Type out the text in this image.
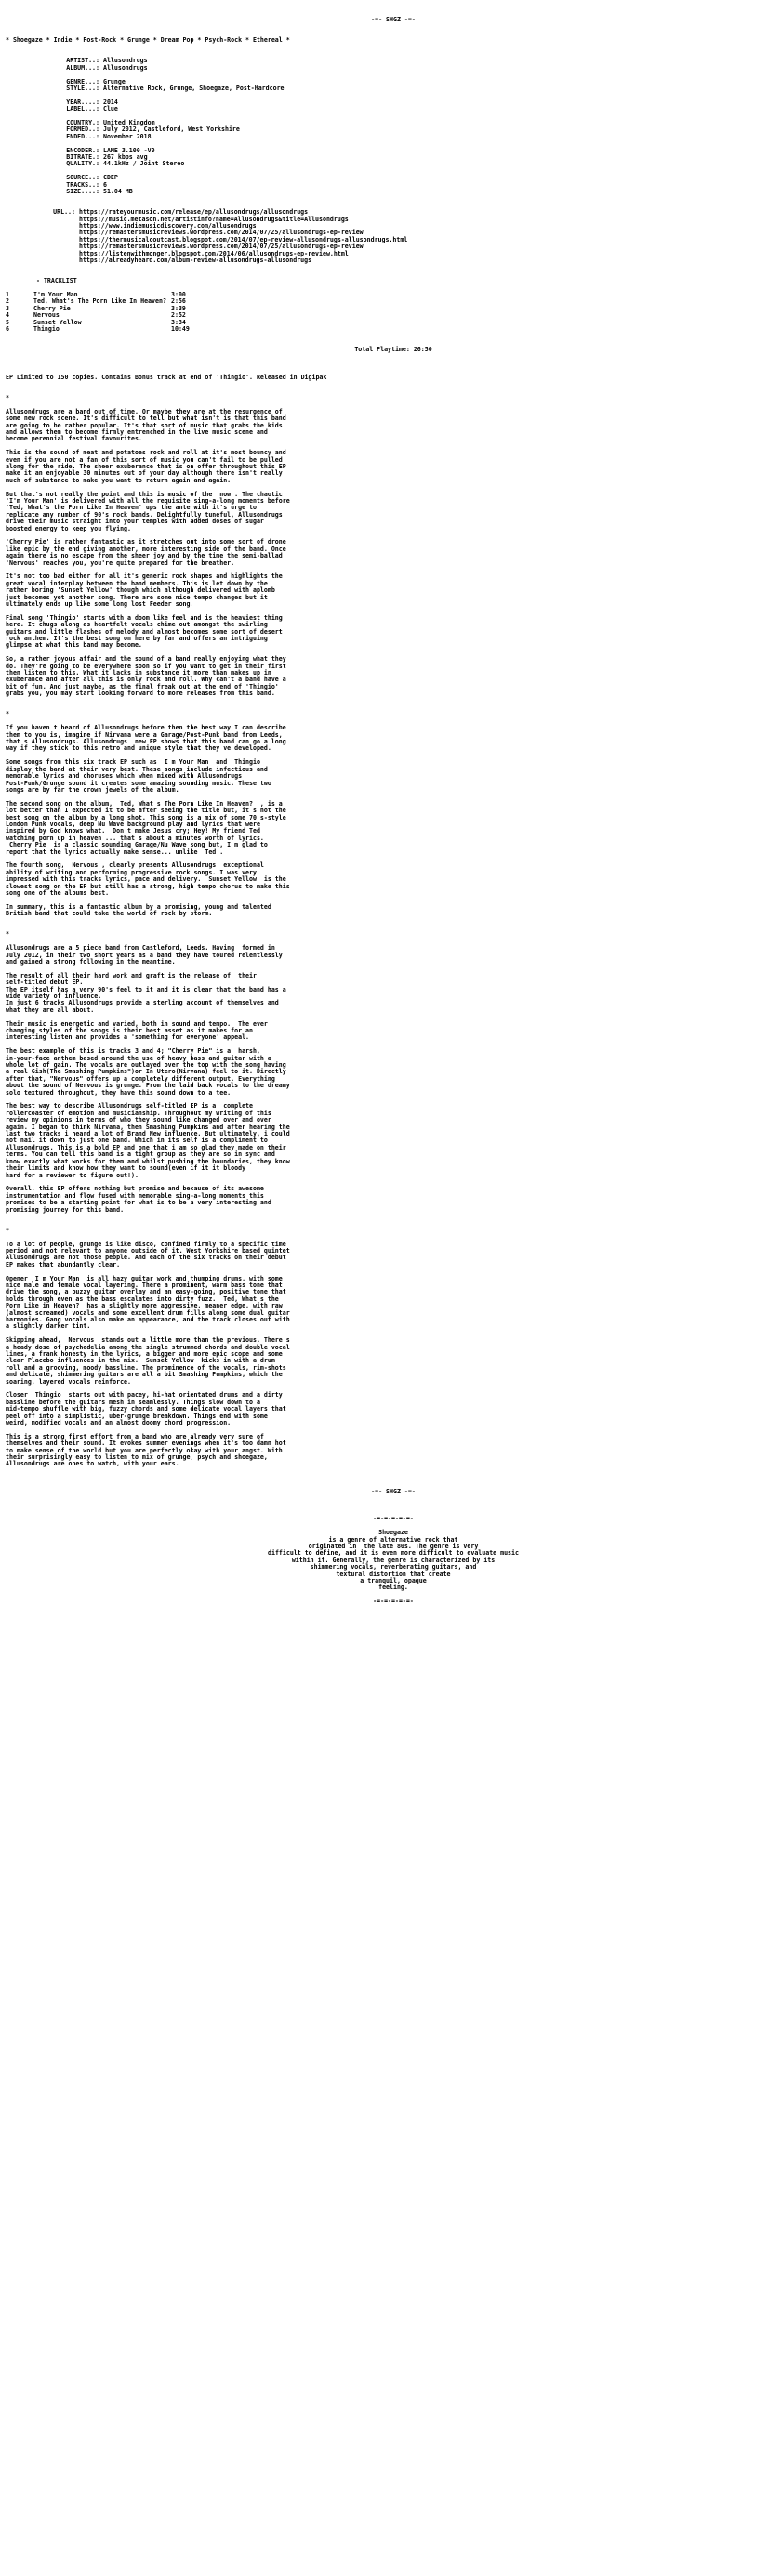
-=- SHGZ -=-
* Shoegaze * Indie * Post-Rock * Grunge * Dream Pop * Psych-Rock * Ethereal *
ARTIST..: Allusondrugs
ALBUM...: Allusondrugs
GENRE...: Grunge
STYLE...: Alternative Rock, Grunge, Shoegaze, Post-Hardcore
YEAR....: 2014
LABEL...: Clue
COUNTRY.: United Kingdom
FORMED..: July 2012, Castleford, West Yorkshire
ENDED...: November 2018
ENCODER.: LAME 3.100 -V0
BITRATE.: 267 kbps avg
QUALITY.: 44.1kHz / Joint Stereo
SOURCE..: CDEP
TRACKS..: 6
SIZE....: 51.04 MB
URL..: https://rateyourmusic.com/release/ep/allusondrugs/allusondrugs
https://music.metason.net/artistinfo?name=Allusondrugs&title=Allusondrugs
https://www.indiemusicdiscovery.com/allusondrugs
https://remastersmusicreviews.wordpress.com/2014/07/25/allusondrugs-ep-review
https://thermusicalcoutcast.blogspot.com/2014/07/ep-review-allusondrugs-allusondrugs.html
https://remastersmusicreviews.wordpress.com/2014/07/25/allusondrugs-ep-review
https://listenwithmonger.blogspot.com/2014/06/allusondrugs-ep-review.html
https://alreadyheard.com/album-review-allusondrugs-allusondrugs
- TRACKLIST
1	I'm Your Man	3:00
2	Ted, What's The Porn Like In Heaven? 2:56
3	Cherry Pie	3:39
4	Nervous	2:52
5	Sunset Yellow	3:34
6	Thingio	10:49
Total Playtime: 26:50
EP Limited to 150 copies. Contains Bonus track at end of 'Thingio'. Released in Digipak
*
Allusondrugs are a band out of time. Or maybe they are at the resurgence of
some new rock scene. It's difficult to tell but what isn't is that this band
are going to be rather popular. It's that sort of music that grabs the kids
and allows them to become firmly entrenched in the live music scene and
become perennial festival favourites.
This is the sound of meat and potatoes rock and roll at it's most bouncy and
even if you are not a fan of this sort of music you can't fail to be pulled
along for the ride. The sheer exuberance that is on offer throughout this EP
make it an enjoyable 30 minutes out of your day although there isn't really
much of substance to make you want to return again and again.
But that's not really the point and this is music of the  now . The chaotic
'I'm Your Man' is delivered with all the requisite sing-a-long moments before
'Ted, What's the Porn Like In Heaven' ups the ante with it's urge to
replicate any number of 90's rock bands. Delightfully tuneful, Allusondrugs
drive their music straight into your temples with added doses of sugar
boosted energy to keep you flying.
'Cherry Pie' is rather fantastic as it stretches out into some sort of drone
like epic by the end giving another, more interesting side of the band. Once
again there is no escape from the sheer joy and by the time the semi-ballad
'Nervous' reaches you, you're quite prepared for the breather.
It's not too bad either for all it's generic rock shapes and highlights the
great vocal interplay between the band members. This is let down by the
rather boring 'Sunset Yellow' though which although delivered with aplomb
just becomes yet another song. There are some nice tempo changes but it
ultimately ends up like some long lost Feeder song.
Final song 'Thingio' starts with a doom like feel and is the heaviest thing
here. It chugs along as heartfelt vocals chime out amongst the swirling
guitars and little flashes of melody and almost becomes some sort of desert
rock anthem. It's the best song on here by far and offers an intriguing
glimpse at what this band may become.
So, a rather joyous affair and the sound of a band really enjoying what they
do. They're going to be everywhere soon so if you want to get in their first
then listen to this. What it lacks in substance it more than makes up in
exuberance and after all this is only rock and roll. Why can't a band have a
bit of fun. And just maybe, as the final freak out at the end of 'Thingio'
grabs you, you may start looking forward to more releases from this band.
*
If you haven t heard of Allusondrugs before then the best way I can describe
them to you is, imagine if Nirvana were a Garage/Post-Punk band from Leeds,
that s Allusondrugs. Allusondrugs  new EP shows that this band can go a long
way if they stick to this retro and unique style that they ve developed.
Some songs from this six track EP such as  I m Your Man  and  Thingio
display the band at their very best. These songs include infectious and
memorable lyrics and choruses which when mixed with Allusondrugs
Post-Punk/Grunge sound it creates some amazing sounding music. These two
songs are by far the crown jewels of the album.
The second song on the album,  Ted, What s The Porn Like In Heaven?  , is a
lot better than I expected it to be after seeing the title but, it s not the
best song on the album by a long shot. This song is a mix of some 70 s-style
London Punk vocals, deep Nu Wave background play and lyrics that were
inspired by God knows what.  Don t make Jesus cry; Hey! My friend Ted
watching porn up in heaven ... that s about a minutes worth of lyrics.
Cherry Pie  is a classic sounding Garage/Nu Wave song but, I m glad to
report that the lyrics actually make sense... unlike  Ted .
The fourth song,  Nervous , clearly presents Allusondrugs  exceptional
ability of writing and performing progressive rock songs. I was very
impressed with this tracks lyrics, pace and delivery.  Sunset Yellow  is the
slowest song on the EP but still has a strong, high tempo chorus to make this
song one of the albums best.
In summary, this is a fantastic album by a promising, young and talented
British band that could take the world of rock by storm.
*
Allusondrugs are a 5 piece band from Castleford, Leeds. Having  formed in
July 2012, in their two short years as a band they have toured relentlessly
and gained a strong following in the meantime.
The result of all their hard work and graft is the release of  their
self-titled debut EP.
The EP itself has a very 90's feel to it and it is clear that the band has a
wide variety of influence.
In just 6 tracks Allusondrugs provide a sterling account of themselves and
what they are all about.
Their music is energetic and varied, both in sound and tempo.  The ever
changing styles of the songs is their best asset as it makes for an
interesting listen and provides a 'something for everyone' appeal.
The best example of this is tracks 3 and 4; "Cherry Pie" is a  harsh,
in-your-face anthem based around the use of heavy bass and guitar with a
whole lot of gain. The vocals are outlayed over the top with the song having
a real Gish(The Smashing Pumpkins")or In Utero(Nirvana) feel to it. Directly
after that, "Nervous" offers up a completely different output. Everything
about the sound of Nervous is grunge. From the laid back vocals to the dreamy
solo textured throughout, they have this sound down to a tee.
The best way to describe Allusondrugs self-titled EP is a  complete
rollercoaster of emotion and musicianship. Throughout my writing of this
review my opinions in terms of who they sound like changed over and over
again. I began to think Nirvana, then Smashing Pumpkins and after hearing the
last two tracks i heard a lot of Brand New influence. But ultimately, i could
not nail it down to just one band. Which in its self is a compliment to
Allusondrugs. This is a bold EP and one that i am so glad they made on their
terms. You can tell this band is a tight group as they are so in sync and
know exactly what works for them and whilst pushing the boundaries, they know
their limits and know how they want to sound(even if it it bloody
hard for a reviewer to figure out!).
Overall, this EP offers nothing but promise and because of its awesome
instrumentation and flow fused with memorable sing-a-long moments this
promises to be a starting point for what is to be a very interesting and
promising journey for this band.
*
To a lot of people, grunge is like disco, confined firmly to a specific time
period and not relevant to anyone outside of it. West Yorkshire based quintet
Allusondrugs are not those people. And each of the six tracks on their debut
EP makes that abundantly clear.
Opener  I m Your Man  is all hazy guitar work and thumping drums, with some
nice male and female vocal layering. There a prominent, warm bass tone that
drive the song, a buzzy guitar overlay and an easy-going, positive tone that
holds through even as the bass escalates into dirty fuzz.  Ted, What s the
Porn Like in Heaven?  has a slightly more aggressive, meaner edge, with raw
(almost screamed) vocals and some excellent drum fills along some dual guitar
harmonies. Gang vocals also make an appearance, and the track closes out with
a slightly darker tint.
Skipping ahead,  Nervous  stands out a little more than the previous. There s
a heady dose of psychedelia among the single strummed chords and double vocal
lines, a frank honesty in the lyrics, a bigger and more epic scope and some
clear Placebo influences in the mix.  Sunset Yellow  kicks in with a drum
roll and a grooving, moody bassline. The prominence of the vocals, rim-shots
and delicate, shimmering guitars are all a bit Smashing Pumpkins, which the
soaring, layered vocals reinforce.
Closer  Thingio  starts out with pacey, hi-hat orientated drums and a dirty
bassline before the guitars mesh in seamlessly. Things slow down to a
mid-tempo shuffle with big, fuzzy chords and some delicate vocal layers that
peel off into a simplistic, uber-grunge breakdown. Things end with some
weird, modified vocals and an almost doomy chord progression.
This is a strong first effort from a band who are already very sure of
themselves and their sound. It evokes summer evenings when it's too damn hot
to make sense of the world but you are perfectly okay with your angst. With
their surprisingly easy to listen to mix of grunge, psych and shoegaze,
Allusondrugs are ones to watch, with your ears.
-=- SHGZ -=-
-=-=-=-=-=-
Shoegaze
is a genre of alternative rock that
originated in  the late 80s. The genre is very
difficult to define, and it is even more difficult to evaluate music
within it. Generally, the genre is characterized by its
shimmering vocals, reverberating guitars, and
textural distortion that create
a tranquil, opaque
feeling.
-=-=-=-=-=-
